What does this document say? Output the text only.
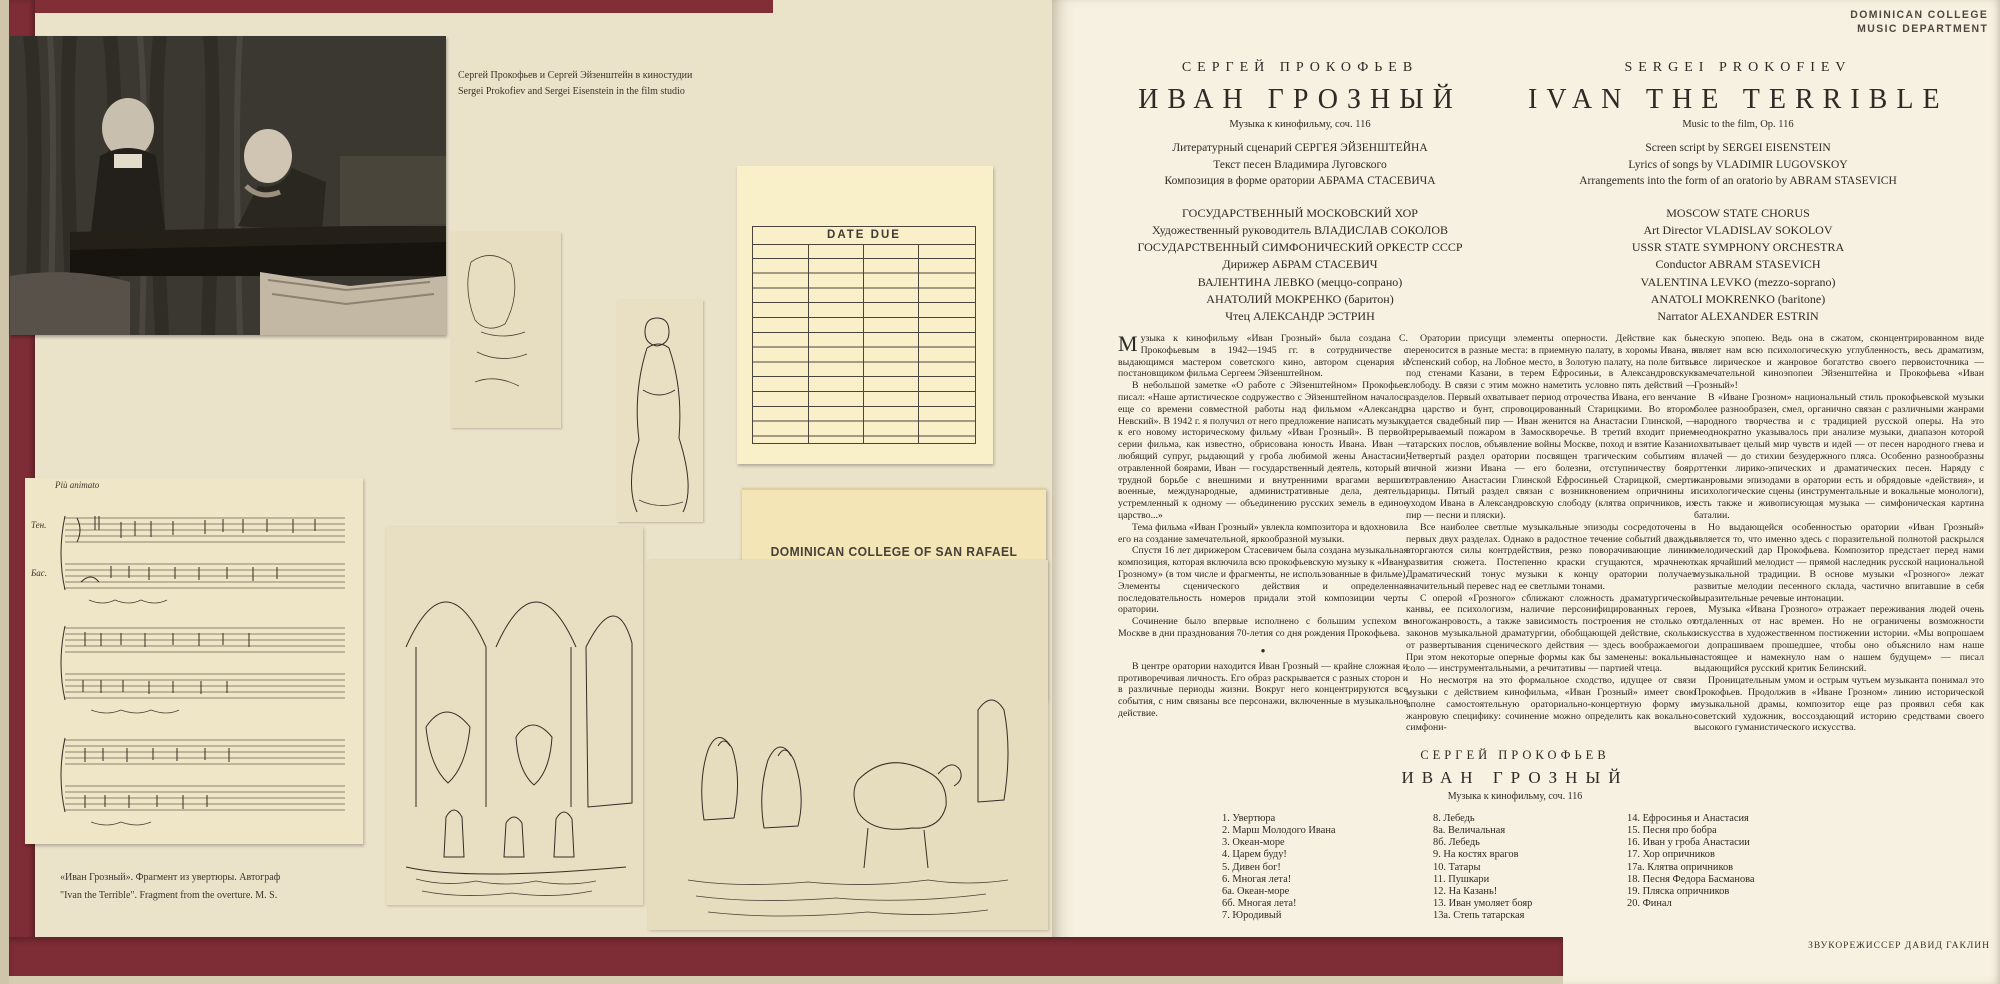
DOMINICAN COLLEGE
MUSIC DEPARTMENT
Сергей Прокофьев и Сергей Эйзенштейн в киностудии
Sergei Prokofiev and Sergei Eisenstein in the film studio
DATE DUE
DOMINICAN COLLEGE OF SAN RAFAEL
Più animato
Тен.
Бас.
«Иван Грозный». Фрагмент из увертюры. Автограф
"Ivan the Terrible". Fragment from the overture. M. S.
СЕРГЕЙ ПРОКОФЬЕВ
ИВАН ГРОЗНЫЙ
Музыка к кинофильму, соч. 116
Литературный сценарий СЕРГЕЯ ЭЙЗЕНШТЕЙНА
Текст песен Владимира Луговского
Композиция в форме оратории АБРАМА СТАСЕВИЧА
ГОСУДАРСТВЕННЫЙ МОСКОВСКИЙ ХОР
Художественный руководитель ВЛАДИСЛАВ СОКОЛОВ
ГОСУДАРСТВЕННЫЙ СИМФОНИЧЕСКИЙ ОРКЕСТР СССР
Дирижер АБРАМ СТАСЕВИЧ
ВАЛЕНТИНА ЛЕВКО (меццо-сопрано)
АНАТОЛИЙ МОКРЕНКО (баритон)
Чтец АЛЕКСАНДР ЭСТРИН
SERGEI PROKOFIEV
IVAN THE TERRIBLE
Music to the film, Op. 116
Screen script by SERGEI EISENSTEIN
Lyrics of songs by VLADIMIR LUGOVSKOY
Arrangements into the form of an oratorio by ABRAM STASEVICH
MOSCOW STATE CHORUS
Art Director VLADISLAV SOKOLOV
USSR STATE SYMPHONY ORCHESTRA
Conductor ABRAM STASEVICH
VALENTINA LEVKO (mezzo-soprano)
ANATOLI MOKRENKO (baritone)
Narrator ALEXANDER ESTRIN

Музыка к кинофильму «Иван Грозный» была создана С. Прокофьевым в 1942—1945 гг. в сотрудничестве с выдающимся мастером советского кино, автором сценария и постановщиком фильма Сергеем Эйзенштейном.

В небольшой заметке «О работе с Эйзенштейном» Прокофьев писал: «Наше артистическое содружество с Эйзенштейном началось еще со времени совместной работы над фильмом «Александр Невский». В 1942 г. я получил от него предложение написать музыку к его новому историческому фильму «Иван Грозный». В первой серии фильма, как известно, обрисована юность Ивана. Иван — любящий супруг, рыдающий у гроба любимой жены Анастасии, отравленной боярами, Иван — государственный деятель, который в трудной борьбе с внешними и внутренними врагами вершит военные, международные, административные дела, деятель, устремленный к одному — объединению русских земель в единое царство...»

Тема фильма «Иван Грозный» увлекла композитора и вдохновила его на создание замечательной, яркообразной музыки.

Спустя 16 лет дирижером Стасевичем была создана музыкальная композиция, которая включила всю прокофьевскую музыку к «Ивану Грозному» (в том числе и фрагменты, не использованные в фильме). Элементы сценического действия и определенная последовательность номеров придали этой композиции черты оратории.

Сочинение было впервые исполнено с большим успехом в Москве в дни празднования 70-летия со дня рождения Прокофьева.

●

В центре оратории находится Иван Грозный — крайне сложная и противоречивая личность. Его образ раскрывается с разных сторон и в различные периоды жизни. Вокруг него концентрируются все события, с ним связаны все персонажи, включенные в музыкальное действие.

Оратории присущи элементы оперности. Действие как бы переносится в разные места: в приемную палату, в хоромы Ивана, в Успенский собор, на Лобное место, в Золотую палату, на поле битвы под стенами Казани, в терем Ефросиньи, в Александровскую слободу. В связи с этим можно наметить условно пять действий — разделов. Первый охватывает период отрочества Ивана, его венчание на царство и бунт, спровоцированный Старицкими. Во втором дается свадебный пир — Иван женится на Анастасии Глинской, — прерываемый пожаром в Замоскворечье. В третий входит прием татарских послов, объявление войны Москве, поход и взятие Казани. Четвертый раздел оратории посвящен трагическим событиям в личной жизни Ивана — его болезни, отступничеству бояр, отравлению Анастасии Глинской Ефросиньей Старицкой, смерти царицы. Пятый раздел связан с возникновением опричнины и уходом Ивана в Александровскую слободу (клятва опричников, их пир — песни и пляски).

Все наиболее светлые музыкальные эпизоды сосредоточены в первых двух разделах. Однако в радостное течение событий дважды вторгаются силы контрдействия, резко поворачивающие линию развития сюжета. Постепенно краски сгущаются, мрачнеют. Драматический тонус музыки к концу оратории получает значительный перевес над ее светлыми тонами.

С оперой «Грозного» сближают сложность драматургической канвы, ее психологизм, наличие персонифицированных героев, многожанровость, а также зависимость построения не столько от законов музыкальной драматургии, обобщающей действие, сколько от развертывания сценического действия — здесь воображаемого. При этом некоторые оперные формы как бы заменены: вокальные соло — инструментальными, а речитативы — партией чтеца.

Но несмотря на это формальное сходство, идущее от связи музыки с действием кинофильма, «Иван Грозный» имеет свою вполне самостоятельную ораториально-концертную форму и жанровую специфику: сочинение можно определить как вокально-симфони-

ческую эпопею. Ведь она в сжатом, сконцентрированном виде являет нам всю психологическую углубленность, весь драматизм, все лирическое и жанровое богатство своего первоисточника — замечательной киноэпопеи Эйзенштейна и Прокофьева «Иван Грозный»!

В «Иване Грозном» национальный стиль прокофьевской музыки более разнообразен, смел, органично связан с различными жанрами народного творчества и с традицией русской оперы. На это неоднократно указывалось при анализе музыки, диапазон которой охватывает целый мир чувств и идей — от песен народного гнева и плачей — до стихии безудержного пляса. Особенно разнообразны оттенки лирико-эпических и драматических песен. Наряду с жанровыми эпизодами в оратории есть и обрядовые «действия», и психологические сцены (инструментальные и вокальные монологи), есть также и живописующая музыка — симфоническая картина баталии.

Но выдающейся особенностью оратории «Иван Грозный» является то, что именно здесь с поразительной полнотой раскрылся мелодический дар Прокофьева. Композитор предстает перед нами как ярчайший мелодист — прямой наследник русской национальной музыкальной традиции. В основе музыки «Грозного» лежат развитые мелодии песенного склада, частично впитавшие в себя выразительные речевые интонации.

Музыка «Ивана Грозного» отражает переживания людей очень отдаленных от нас времен. Но не ограничены возможности искусства в художественном постижении истории. «Мы вопрошаем и допрашиваем прошедшее, чтобы оно объяснило нам наше настоящее и намекнуло нам о нашем будущем» — писал выдающийся русский критик Белинский.

Проницательным умом и острым чутьем музыканта понимал это Прокофьев. Продолжив в «Иване Грозном» линию исторической музыкальной драмы, композитор еще раз проявил себя как советский художник, воссоздающий историю средствами своего высокого гуманистического искусства.

СЕРГЕЙ ПРОКОФЬЕВ
ИВАН ГРОЗНЫЙ
Музыка к кинофильму, соч. 116
1. Увертюра
2. Марш Молодого Ивана
3. Океан-море
4. Царем буду!
5. Дивен бог!
6. Многая лета!
6а. Океан-море
6б. Многая лета!
7. Юродивый
8. Лебедь
8а. Величальная
8б. Лебедь
9. На костях врагов
10. Татары
11. Пушкари
12. На Казань!
13. Иван умоляет бояр
13а. Степь татарская
14. Ефросинья и Анастасия
15. Песня про бобра
16. Иван у гроба Анастасии
17. Хор опричников
17а. Клятва опричников
18. Песня Федора Басманова
19. Пляска опричников
20. Финал
ЗВУКОРЕЖИССЕР ДАВИД ГАКЛИН
